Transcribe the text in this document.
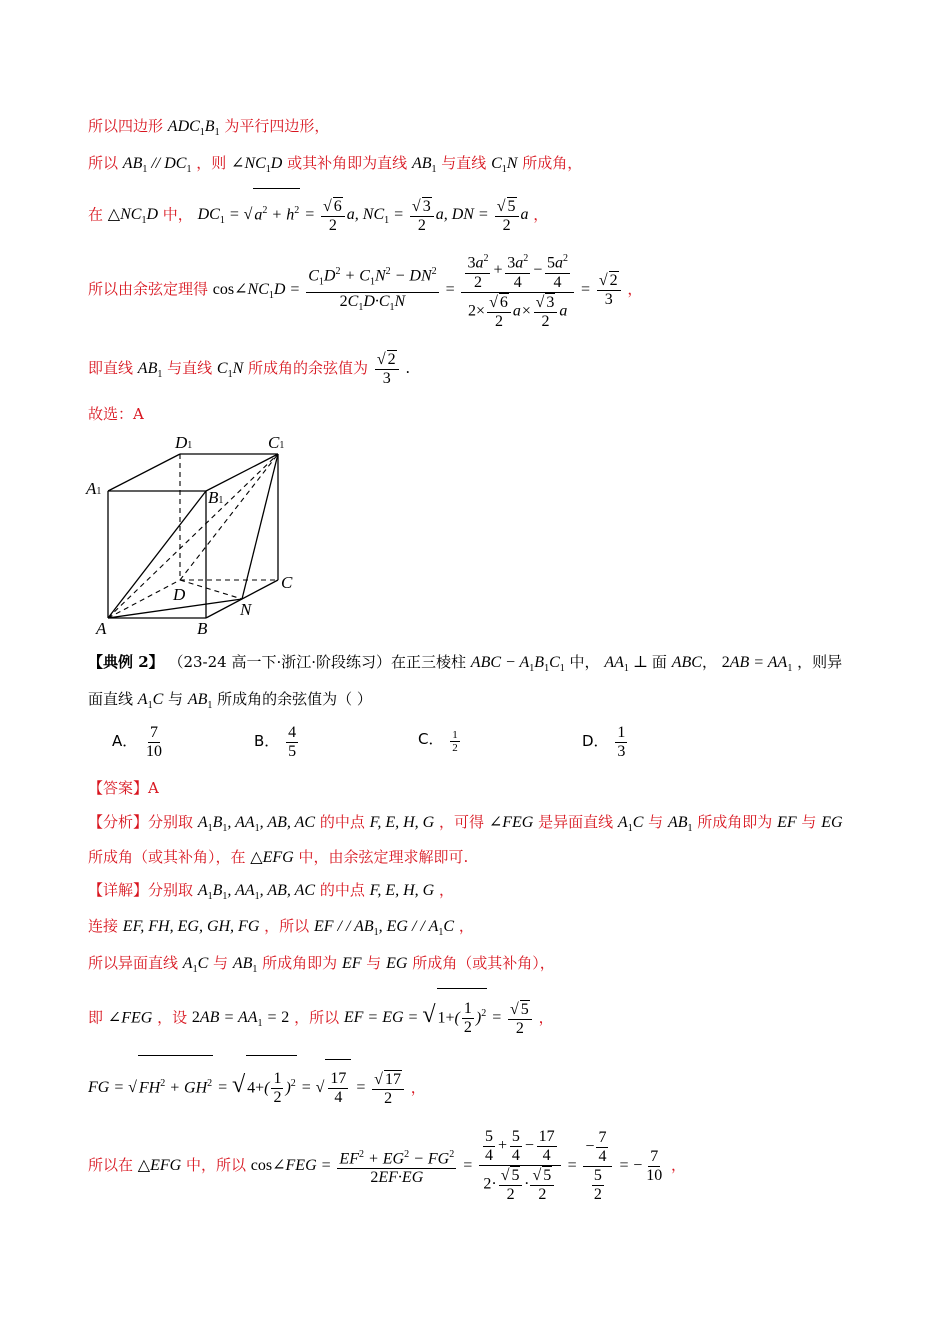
所以四边形 $ADC_1B_1$ 为平行四边形，
所以 $AB_1 // DC_1$ ，则 $\angle NC_1D$ 或其补角即为直线 $AB_1$ 与直线 $C_1N$ 所成角，
在 $\triangle NC_1D$ 中， $DC_1$ = √ $a^2 + h^2 = \frac{√ 6}{2} a$, $NC_1 = \frac{√ 3}{2} a$, DN = $\frac{√ 5}{2}$ a ，
所以由余弦定理得 $\cos\angle NC_1D = \frac{C_1D^2 + C_1N^2 - DN^2}{2C_1D\cdot C_1N} = \frac{\frac{3a^2}{2} + \frac{3a^2}{4} - \frac{5a^2}{4}}{2\times \frac{√ 6}{2} a\times \frac{√ 3}{2} a} = \frac{√ 2}{3}$ ，
即直线 $AB_1$ 与直线 $C_1N$ 所成角的余弦值为 $\frac{√ 2}{3}$ .
故选：A
D1	C1
A1	B1
D
C
N
A	B
【典例 2】 （23-24 高一下·浙江·阶段练习）在正三棱柱 ABC − $A_1B_1C_1$ 中， $AA_1$ ⊥ 面 ABC， $2AB = AA_1$ ，则异
面直线 $A_1C$ 与 $AB_1$ 所成角的余弦值为（ ）
A． $\frac{7}{10}$	B． $\frac{4}{5}$	C． $\frac{1}{2}$	D． $\frac{1}{3}$
【答案】A
【分析】分别取 $A_1B_1$, $AA_1$, AB, AC 的中点 F, E, H, G ，可得 ∠FEG 是异面直线 $A_1C$ 与 $AB_1$ 所成角即为 EF 与 EG
所成角（或其补角），在 △EFG 中，由余弦定理求解即可.
【详解】分别取 $A_1B_1$, $AA_1$, AB, AC 的中点 F, E, H, G ，
连接 EF, FH, EG, GH, FG ，所以 EF / / $AB_1$, EG / / $A_1C$ ，
所以异面直线 $A_1C$ 与 $AB_1$ 所成角即为 EF 与 EG 所成角（或其补角），
即 ∠FEG ，设 $2AB = AA_1 = 2$ ，所以 EF = EG = √ $1+( \frac{1}{2} )^2 = \frac{√ 5}{2}$ ，
FG = √ $FH^2 + GH^2$ = √ $4+( \frac{1}{2} )^2$ = √ $\frac{17}{4} = \frac{√ 17}{2}$ ，
所以在 △EFG 中，所以 cos∠FEG = $\frac{EF^2 + EG^2 - FG^2}{2EF\cdot EG} = \frac{\frac{5}{4} + \frac{5}{4} - \frac{17}{4}}{2\cdot \frac{√ 5}{2} \cdot \frac{√ 5}{2}} = \frac{- \frac{7}{4}}{\frac{5}{2}}$ = − $\frac{7}{10}$ ，
